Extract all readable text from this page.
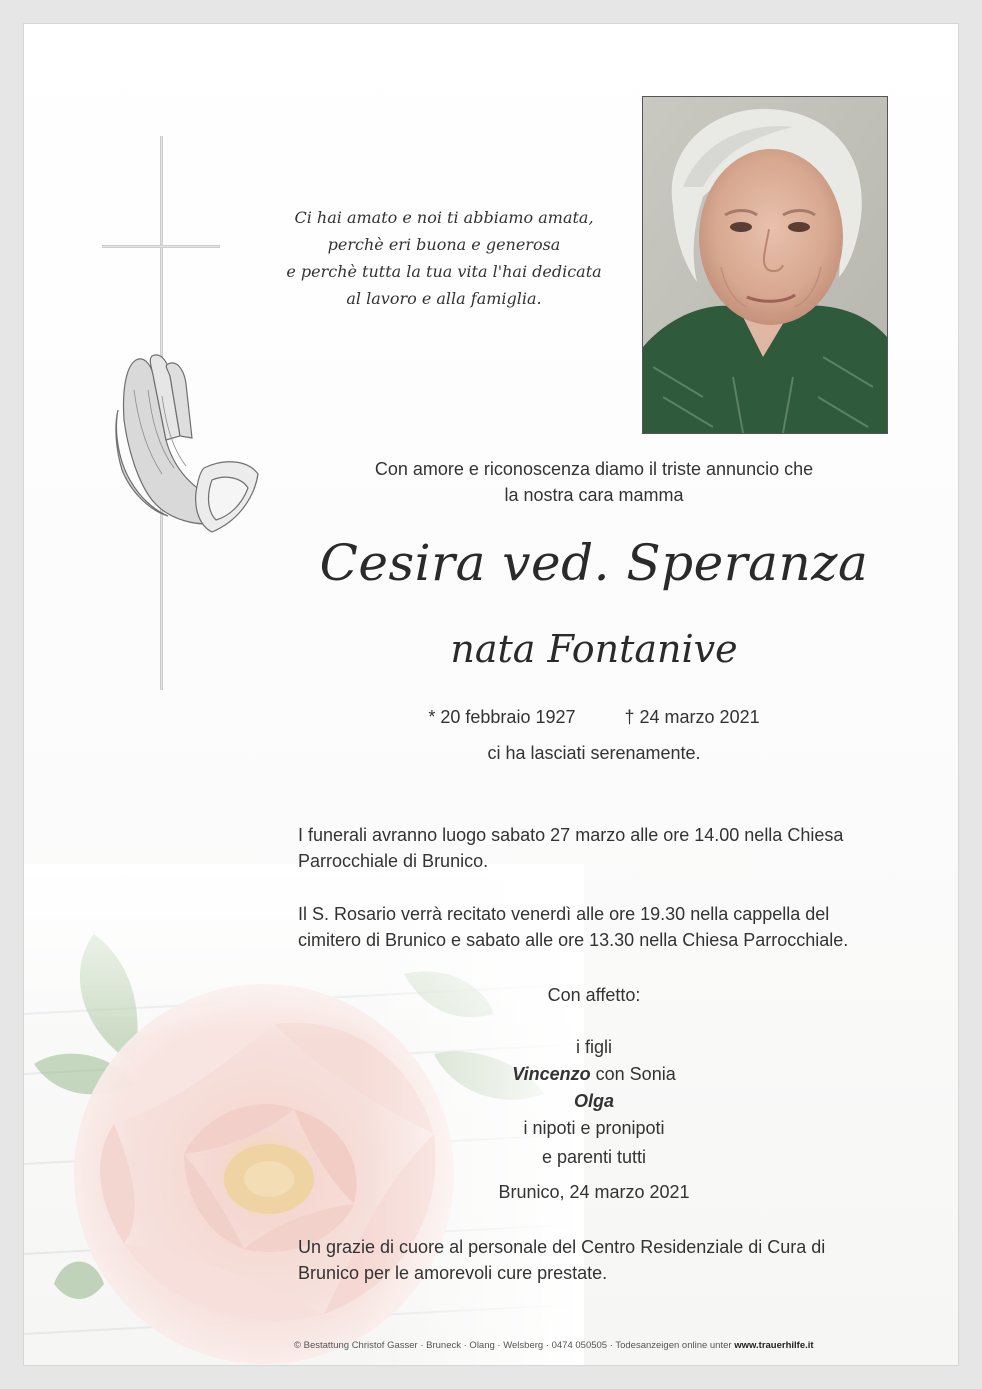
Ci hai amato e noi ti abbiamo amata,
perchè eri buona e generosa
e perchè tutta la tua vita l'hai dedicata
al lavoro e alla famiglia.
Con amore e riconoscenza diamo il triste annuncio che
la nostra cara mamma
Cesira ved. Speranza
nata Fontanive
* 20 febbraio 1927	† 24 marzo 2021
ci ha lasciati serenamente.
I funerali avranno luogo sabato 27 marzo alle ore 14.00 nella Chiesa
Parrocchiale di Brunico.
Il S. Rosario verrà recitato venerdì alle ore 19.30 nella cappella del
cimitero di Brunico e sabato alle ore 13.30 nella Chiesa Parrocchiale.
Con affetto:
i figli
Vincenzo con Sonia
Olga
i nipoti e pronipoti
e parenti tutti
Brunico, 24 marzo 2021
Un grazie di cuore al personale del Centro Residenziale di Cura di
Brunico per le amorevoli cure prestate.
© Bestattung Christof Gasser · Bruneck · Olang · Welsberg · 0474 050505 · Todesanzeigen online unter www.trauerhilfe.it
